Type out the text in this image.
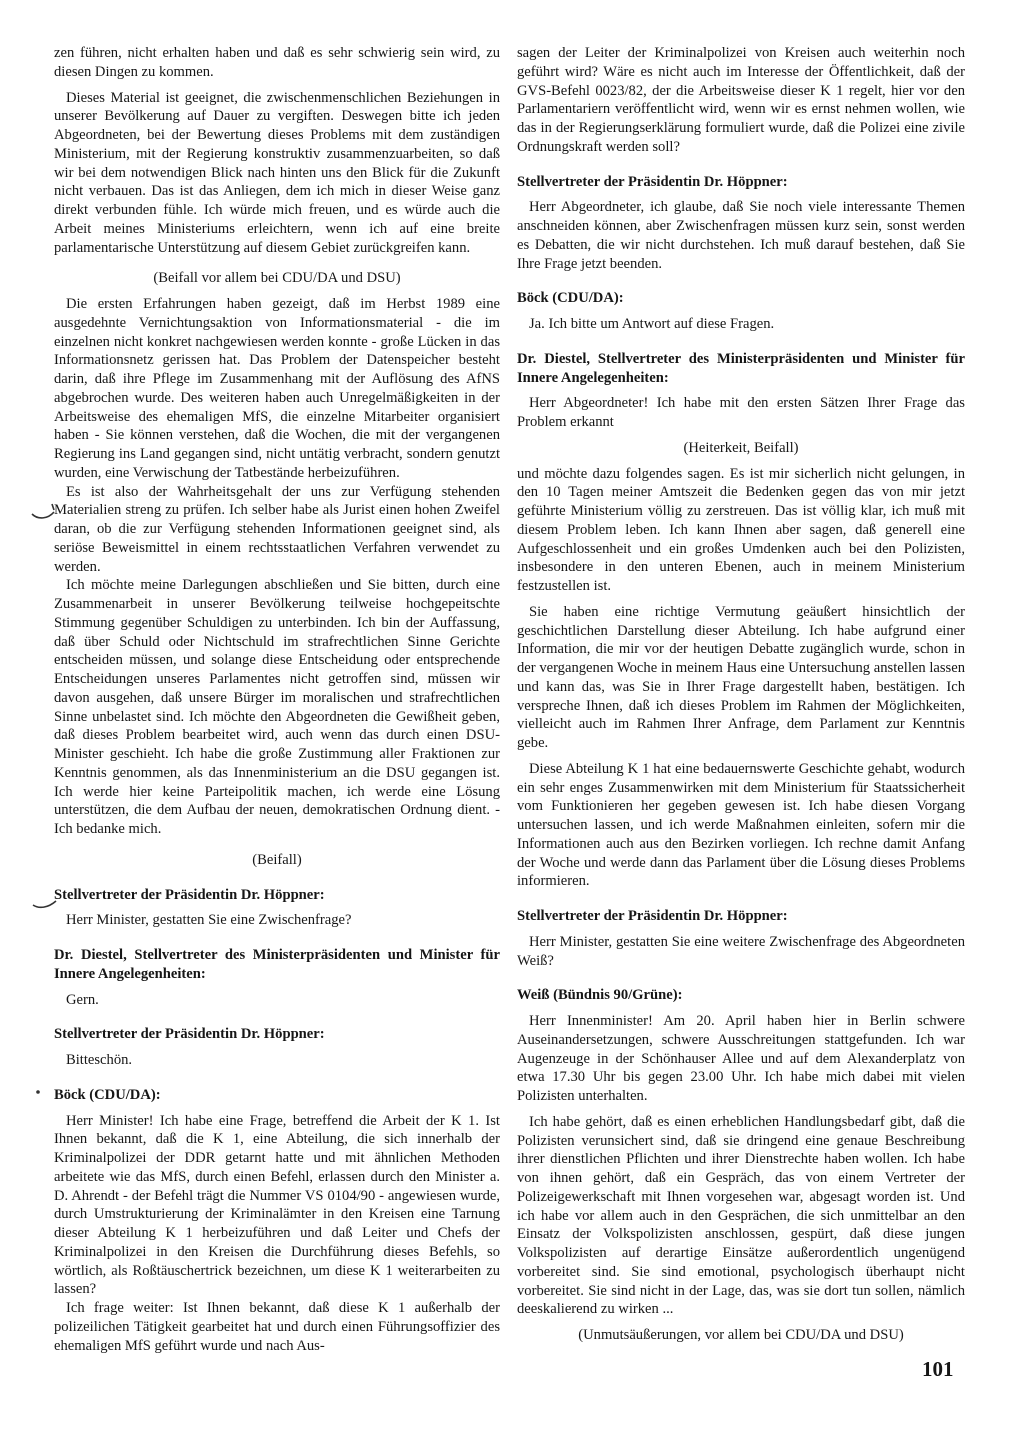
zen führen, nicht erhalten haben und daß es sehr schwierig sein wird, zu diesen Dingen zu kommen.

Dieses Material ist geeignet, die zwischenmenschlichen Beziehungen in unserer Bevölkerung auf Dauer zu vergiften. Deswegen bitte ich jeden Abgeordneten, bei der Bewertung dieses Problems mit dem zuständigen Ministerium, mit der Regierung konstruktiv zusammenzuarbeiten, so daß wir bei dem notwendigen Blick nach hinten uns den Blick für die Zukunft nicht verbauen. Das ist das Anliegen, dem ich mich in dieser Weise ganz direkt verbunden fühle. Ich würde mich freuen, und es würde auch die Arbeit meines Ministeriums erleichtern, wenn ich auf eine breite parlamentarische Unterstützung auf diesem Gebiet zurückgreifen kann.

(Beifall vor allem bei CDU/DA und DSU)

Die ersten Erfahrungen haben gezeigt, daß im Herbst 1989 eine ausgedehnte Vernichtungsaktion von Informationsmaterial - die im einzelnen nicht konkret nachgewiesen werden konnte - große Lücken in das Informationsnetz gerissen hat. Das Problem der Datenspeicher besteht darin, daß ihre Pflege im Zusammenhang mit der Auflösung des AfNS abgebrochen wurde. Des weiteren haben auch Unregelmäßigkeiten in der Arbeitsweise des ehemaligen MfS, die einzelne Mitarbeiter organisiert haben - Sie können verstehen, daß die Wochen, die mit der vergangenen Regierung ins Land gegangen sind, nicht untätig verbracht, sondern genutzt wurden, eine Verwischung der Tatbestände herbeizuführen.

Es ist also der Wahrheitsgehalt der uns zur Verfügung stehenden Materialien streng zu prüfen. Ich selber habe als Jurist einen hohen Zweifel daran, ob die zur Verfügung stehenden Informationen geeignet sind, als seriöse Beweismittel in einem rechtsstaatlichen Verfahren verwendet zu werden.

Ich möchte meine Darlegungen abschließen und Sie bitten, durch eine Zusammenarbeit in unserer Bevölkerung teilweise hochgepeitschte Stimmung gegenüber Schuldigen zu unterbinden. Ich bin der Auffassung, daß über Schuld oder Nichtschuld im strafrechtlichen Sinne Gerichte entscheiden müssen, und solange diese Entscheidung oder entsprechende Entscheidungen unseres Parlamentes nicht getroffen sind, müssen wir davon ausgehen, daß unsere Bürger im moralischen und strafrechtlichen Sinne unbelastet sind. Ich möchte den Abgeordneten die Gewißheit geben, daß dieses Problem bearbeitet wird, auch wenn das durch einen DSU-Minister geschieht. Ich habe die große Zustimmung aller Fraktionen zur Kenntnis genommen, als das Innenministerium an die DSU gegangen ist. Ich werde hier keine Parteipolitik machen, ich werde eine Lösung unterstützen, die dem Aufbau der neuen, demokratischen Ordnung dient. - Ich bedanke mich.

(Beifall)
Stellvertreter der Präsidentin Dr. Höppner:

Herr Minister, gestatten Sie eine Zwischenfrage?

Dr. Diestel, Stellvertreter des Ministerpräsidenten und Minister für Innere Angelegenheiten:

Gern.

Stellvertreter der Präsidentin Dr. Höppner:

Bitteschön.

Böck (CDU/DA):

Herr Minister! Ich habe eine Frage, betreffend die Arbeit der K 1. Ist Ihnen bekannt, daß die K 1, eine Abteilung, die sich innerhalb der Kriminalpolizei der DDR getarnt hatte und mit ähnlichen Methoden arbeitete wie das MfS, durch einen Befehl, erlassen durch den Minister a. D. Ahrendt - der Befehl trägt die Nummer VS 0104/90 - angewiesen wurde, durch Umstrukturierung der Kriminalämter in den Kreisen eine Tarnung dieser Abteilung K 1 herbeizuführen und daß Leiter und Chefs der Kriminalpolizei in den Kreisen die Durchführung dieses Befehls, so wörtlich, als Roßtäuschertrick bezeichnen, um diese K 1 weiterarbeiten zu lassen?

Ich frage weiter: Ist Ihnen bekannt, daß diese K 1 außerhalb der polizeilichen Tätigkeit gearbeitet hat und durch einen Führungsoffizier des ehemaligen MfS geführt wurde und nach Aus-

sagen der Leiter der Kriminalpolizei von Kreisen auch weiterhin noch geführt wird? Wäre es nicht auch im Interesse der Öffentlichkeit, daß der GVS-Befehl 0023/82, der die Arbeitsweise dieser K 1 regelt, hier vor den Parlamentariern veröffentlicht wird, wenn wir es ernst nehmen wollen, wie das in der Regierungserklärung formuliert wurde, daß die Polizei eine zivile Ordnungskraft werden soll?

Stellvertreter der Präsidentin Dr. Höppner:

Herr Abgeordneter, ich glaube, daß Sie noch viele interessante Themen anschneiden können, aber Zwischenfragen müssen kurz sein, sonst werden es Debatten, die wir nicht durchstehen. Ich muß darauf bestehen, daß Sie Ihre Frage jetzt beenden.

Böck (CDU/DA):

Ja. Ich bitte um Antwort auf diese Fragen.

Dr. Diestel, Stellvertreter des Ministerpräsidenten und Minister für Innere Angelegenheiten:

Herr Abgeordneter! Ich habe mit den ersten Sätzen Ihrer Frage das Problem erkannt

(Heiterkeit, Beifall)

und möchte dazu folgendes sagen. Es ist mir sicherlich nicht gelungen, in den 10 Tagen meiner Amtszeit die Bedenken gegen das von mir jetzt geführte Ministerium völlig zu zerstreuen. Das ist völlig klar, ich muß mit diesem Problem leben. Ich kann Ihnen aber sagen, daß generell eine Aufgeschlossenheit und ein großes Umdenken auch bei den Polizisten, insbesondere in den unteren Ebenen, auch in meinem Ministerium festzustellen ist.

Sie haben eine richtige Vermutung geäußert hinsichtlich der geschichtlichen Darstellung dieser Abteilung. Ich habe aufgrund einer Information, die mir vor der heutigen Debatte zugänglich wurde, schon in der vergangenen Woche in meinem Haus eine Untersuchung anstellen lassen und kann das, was Sie in Ihrer Frage dargestellt haben, bestätigen. Ich verspreche Ihnen, daß ich dieses Problem im Rahmen der Möglichkeiten, vielleicht auch im Rahmen Ihrer Anfrage, dem Parlament zur Kenntnis gebe.

Diese Abteilung K 1 hat eine bedauernswerte Geschichte gehabt, wodurch ein sehr enges Zusammenwirken mit dem Ministerium für Staatssicherheit vom Funktionieren her gegeben gewesen ist. Ich habe diesen Vorgang untersuchen lassen, und ich werde Maßnahmen einleiten, sofern mir die Informationen auch aus den Bezirken vorliegen. Ich rechne damit Anfang der Woche und werde dann das Parlament über die Lösung dieses Problems informieren.

Stellvertreter der Präsidentin Dr. Höppner:

Herr Minister, gestatten Sie eine weitere Zwischenfrage des Abgeordneten Weiß?

Weiß (Bündnis 90/Grüne):

Herr Innenminister! Am 20. April haben hier in Berlin schwere Auseinandersetzungen, schwere Ausschreitungen stattgefunden. Ich war Augenzeuge in der Schönhauser Allee und auf dem Alexanderplatz von etwa 17.30 Uhr bis gegen 23.00 Uhr. Ich habe mich dabei mit vielen Polizisten unterhalten.

Ich habe gehört, daß es einen erheblichen Handlungsbedarf gibt, daß die Polizisten verunsichert sind, daß sie dringend eine genaue Beschreibung ihrer dienstlichen Pflichten und ihrer Dienstrechte haben wollen. Ich habe von ihnen gehört, daß ein Gespräch, das von einem Vertreter der Polizeigewerkschaft mit Ihnen vorgesehen war, abgesagt worden ist. Und ich habe vor allem auch in den Gesprächen, die sich unmittelbar an den Einsatz der Volkspolizisten anschlossen, gespürt, daß diese jungen Volkspolizisten auf derartige Einsätze außerordentlich ungenügend vorbereitet sind. Sie sind emotional, psychologisch überhaupt nicht vorbereitet. Sie sind nicht in der Lage, das, was sie dort tun sollen, nämlich deeskalierend zu wirken ...

(Unmutsäußerungen, vor allem bei CDU/DA und DSU)
101
